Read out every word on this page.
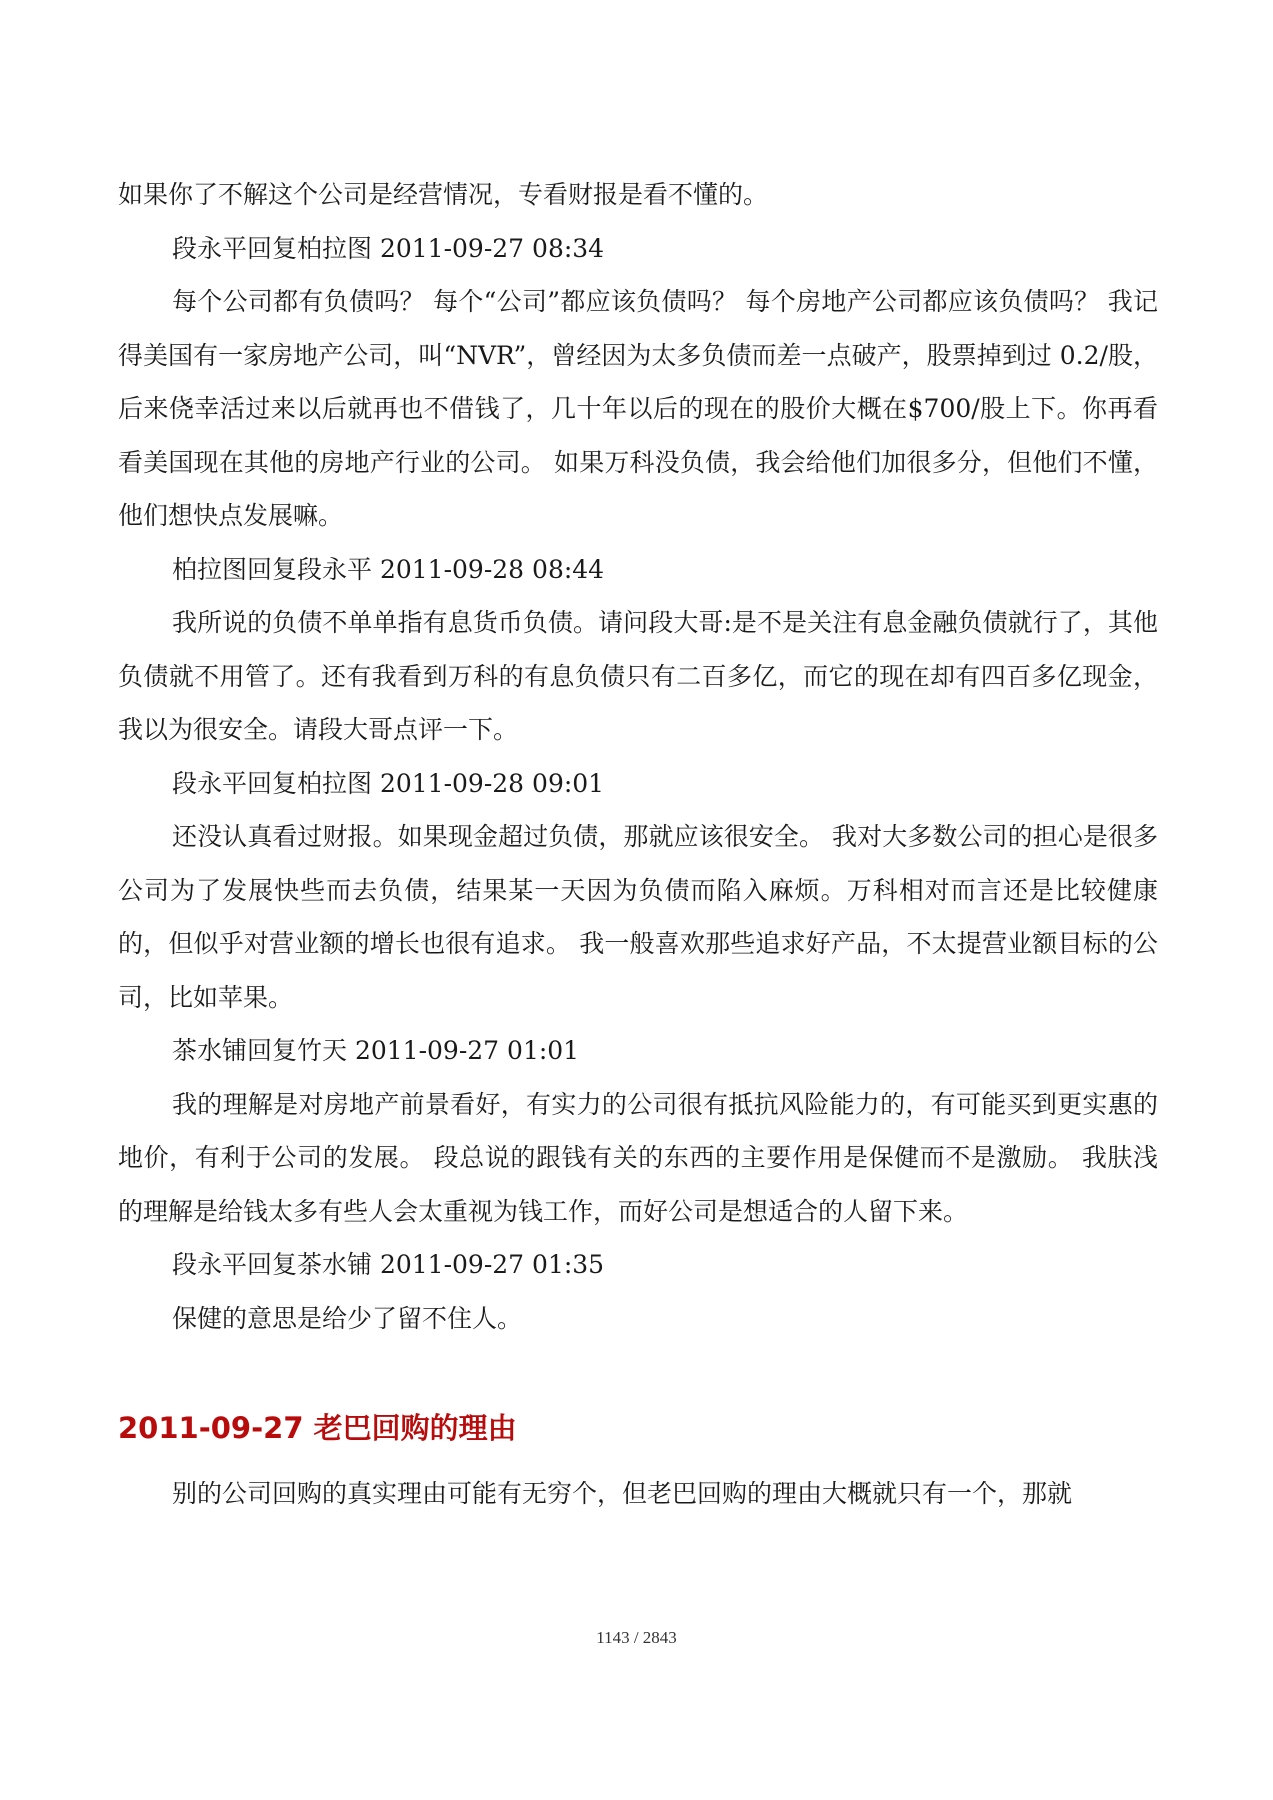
如果你了不解这个公司是经营情况，专看财报是看不懂的。

段永平回复柏拉图 2011-09-27 08:34

每个公司都有负债吗？ 每个“公司”都应该负债吗？ 每个房地产公司都应该负债吗？ 我记得美国有一家房地产公司，叫“NVR”，曾经因为太多负债而差一点破产，股票掉到过 0.2/股，后来侥幸活过来以后就再也不借钱了，几十年以后的现在的股价大概在$700/股上下。你再看看美国现在其他的房地产行业的公司。 如果万科没负债，我会给他们加很多分，但他们不懂，他们想快点发展嘛。

柏拉图回复段永平 2011-09-28 08:44

我所说的负债不单单指有息货币负债。请问段大哥:是不是关注有息金融负债就行了，其他负债就不用管了。还有我看到万科的有息负债只有二百多亿，而它的现在却有四百多亿现金，我以为很安全。请段大哥点评一下。

段永平回复柏拉图 2011-09-28 09:01

还没认真看过财报。如果现金超过负债，那就应该很安全。 我对大多数公司的担心是很多公司为了发展快些而去负债，结果某一天因为负债而陷入麻烦。万科相对而言还是比较健康的，但似乎对营业额的增长也很有追求。 我一般喜欢那些追求好产品，不太提营业额目标的公司，比如苹果。

茶水铺回复竹天 2011-09-27 01:01

我的理解是对房地产前景看好，有实力的公司很有抵抗风险能力的，有可能买到更实惠的地价，有利于公司的发展。 段总说的跟钱有关的东西的主要作用是保健而不是激励。 我肤浅的理解是给钱太多有些人会太重视为钱工作，而好公司是想适合的人留下来。

段永平回复茶水铺 2011-09-27 01:35

保健的意思是给少了留不住人。

2011-09-27 老巴回购的理由

别的公司回购的真实理由可能有无穷个，但老巴回购的理由大概就只有一个，那就

1143 / 2843
